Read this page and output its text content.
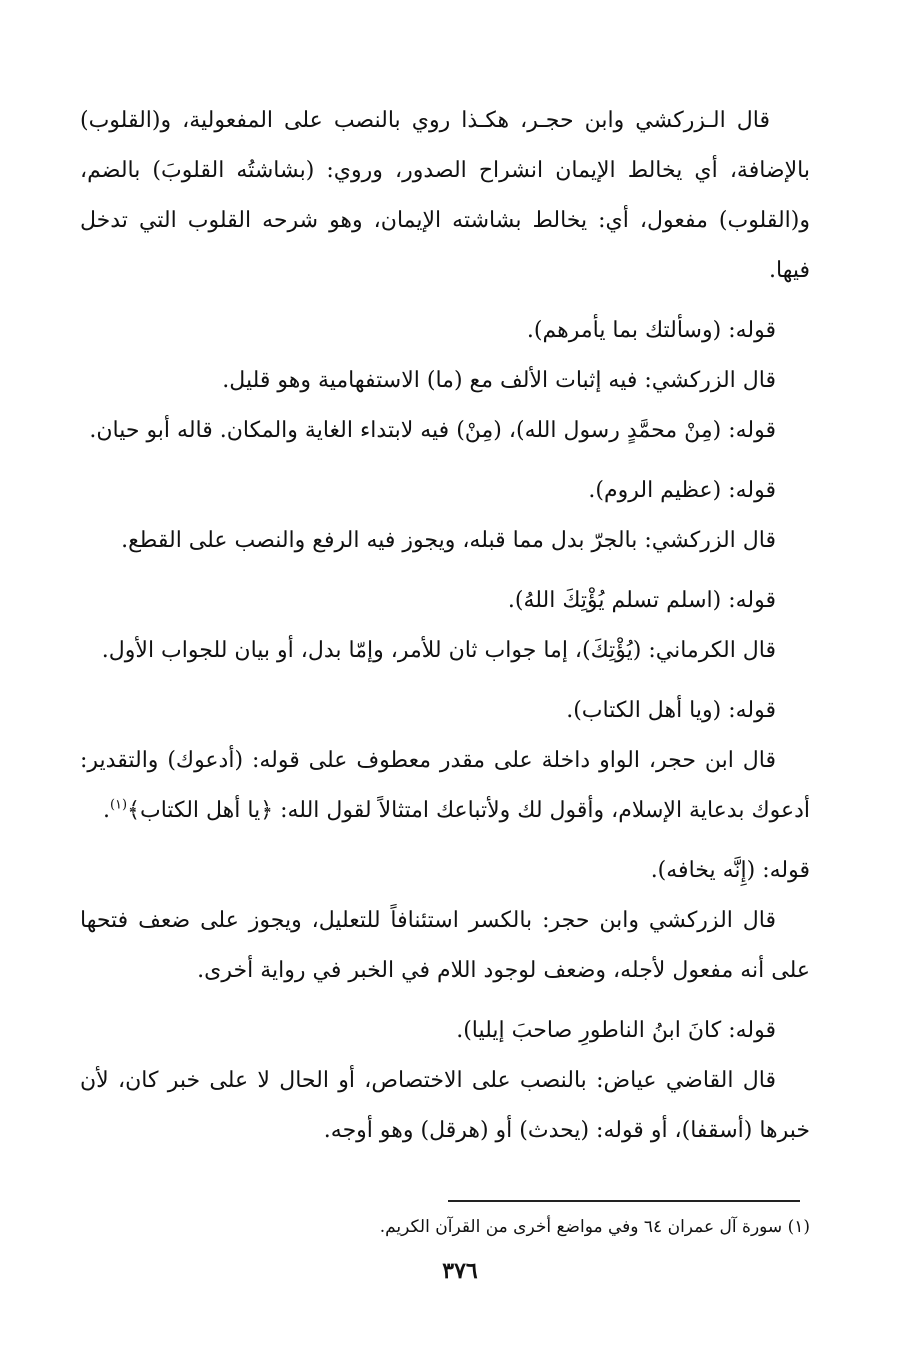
قال الـزركشي وابن حجـر، هكـذا روي بالنصب على المفعولية، و(القلوب) بالإضافة، أي يخالط الإيمان انشراح الصدور، وروي: (بشاشتُه القلوبَ) بالضم، و(القلوب) مفعول، أي: يخالط بشاشته الإيمان، وهو شرحه القلوب التي تدخل فيها.

قوله: (وسألتك بما يأمرهم).

قال الزركشي: فيه إثبات الألف مع (ما) الاستفهامية وهو قليل.

قوله: (مِنْ محمَّدٍ رسول الله)، (مِنْ) فيه لابتداء الغاية والمكان. قاله أبو حيان.

قوله: (عظيم الروم).

قال الزركشي: بالجرّ بدل مما قبله، ويجوز فيه الرفع والنصب على القطع.

قوله: (اسلم تسلم يُؤْتِكَ اللهُ).

قال الكرماني: (يُؤْتِكَ)، إما جواب ثان للأمر، وإمّا بدل، أو بيان للجواب الأول.

قوله: (ويا أهل الكتاب).

قال ابن حجر، الواو داخلة على مقدر معطوف على قوله: (أدعوك) والتقدير: أدعوك بدعاية الإسلام، وأقول لك ولأتباعك امتثالاً لقول الله: ﴿يا أهل الكتاب﴾$^{(١)}$.

قوله: (إِنَّه يخافه).

قال الزركشي وابن حجر: بالكسر استئنافاً للتعليل، ويجوز على ضعف فتحها على أنه مفعول لأجله، وضعف لوجود اللام في الخبر في رواية أخرى.

قوله: كانَ ابنُ الناطورِ صاحبَ إيليا).

قال القاضي عياض: بالنصب على الاختصاص، أو الحال لا على خبر كان، لأن خبرها (أسقفا)، أو قوله: (يحدث) أو (هرقل) وهو أوجه.

(١) سورة آل عمران ٦٤ وفي مواضع أخرى من القرآن الكريم.
٣٧٦
